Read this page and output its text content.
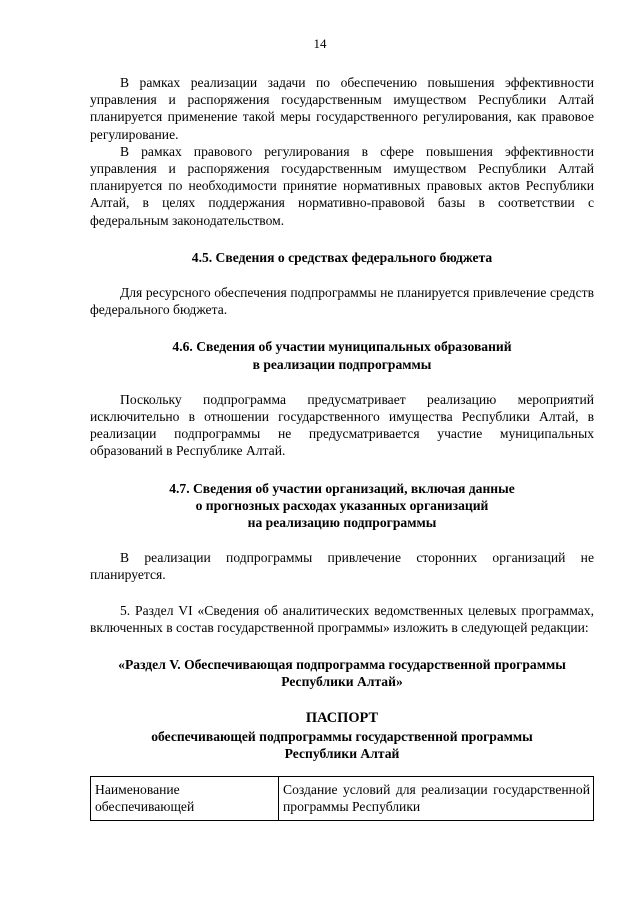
14

В рамках реализации задачи по обеспечению повышения эффективности управления и распоряжения государственным имуществом Республики Алтай планируется применение такой меры государственного регулирования, как правовое регулирование.

В рамках правового регулирования в сфере повышения эффективности управления и распоряжения государственным имуществом Республики Алтай планируется по необходимости принятие нормативных правовых актов Республики Алтай, в целях поддержания нормативно-правовой базы в соответствии с федеральным законодательством.

4.5. Сведения о средствах федерального бюджета

Для ресурсного обеспечения подпрограммы не планируется привлечение средств федерального бюджета.

4.6. Сведения об участии муниципальных образований
в реализации подпрограммы

Поскольку подпрограмма предусматривает реализацию мероприятий исключительно в отношении государственного имущества Республики Алтай, в реализации подпрограммы не предусматривается участие муниципальных образований в Республике Алтай.

4.7. Сведения об участии организаций, включая данные
о прогнозных расходах указанных организаций
на реализацию подпрограммы

В реализации подпрограммы привлечение сторонних организаций не планируется.

5. Раздел VI «Сведения об аналитических ведомственных целевых программах, включенных в состав государственной программы» изложить в следующей редакции:

«Раздел V. Обеспечивающая подпрограмма государственной программы
Республики Алтай»
ПАСПОРТ
обеспечивающей подпрограммы государственной программы
Республики Алтай
Наименование обеспечивающей	Создание условий для реализации государственной программы Республики
